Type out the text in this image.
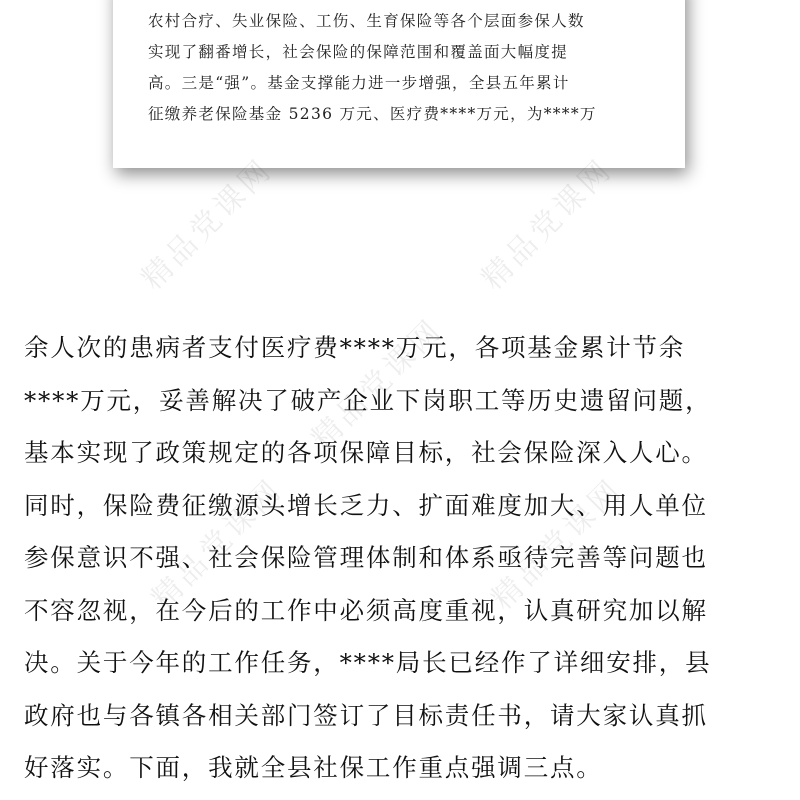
农村合疗、失业保险、工伤、生育保险等各个层面参保人数
实现了翻番增长，社会保险的保障范围和覆盖面大幅度提
高。三是“强”。基金支撑能力进一步增强，全县五年累计
征缴养老保险基金 5236 万元、医疗费****万元，为****万
精品党课网	精品党课网
精品党课网
精品党课网	精品党课网
余人次的患病者支付医疗费****万元，各项基金累计节余
****万元，妥善解决了破产企业下岗职工等历史遗留问题，
基本实现了政策规定的各项保障目标，社会保险深入人心。
同时，保险费征缴源头增长乏力、扩面难度加大、用人单位
参保意识不强、社会保险管理体制和体系亟待完善等问题也
不容忽视，在今后的工作中必须高度重视，认真研究加以解
决。关于今年的工作任务，****局长已经作了详细安排，县
政府也与各镇各相关部门签订了目标责任书，请大家认真抓
好落实。下面，我就全县社保工作重点强调三点。
